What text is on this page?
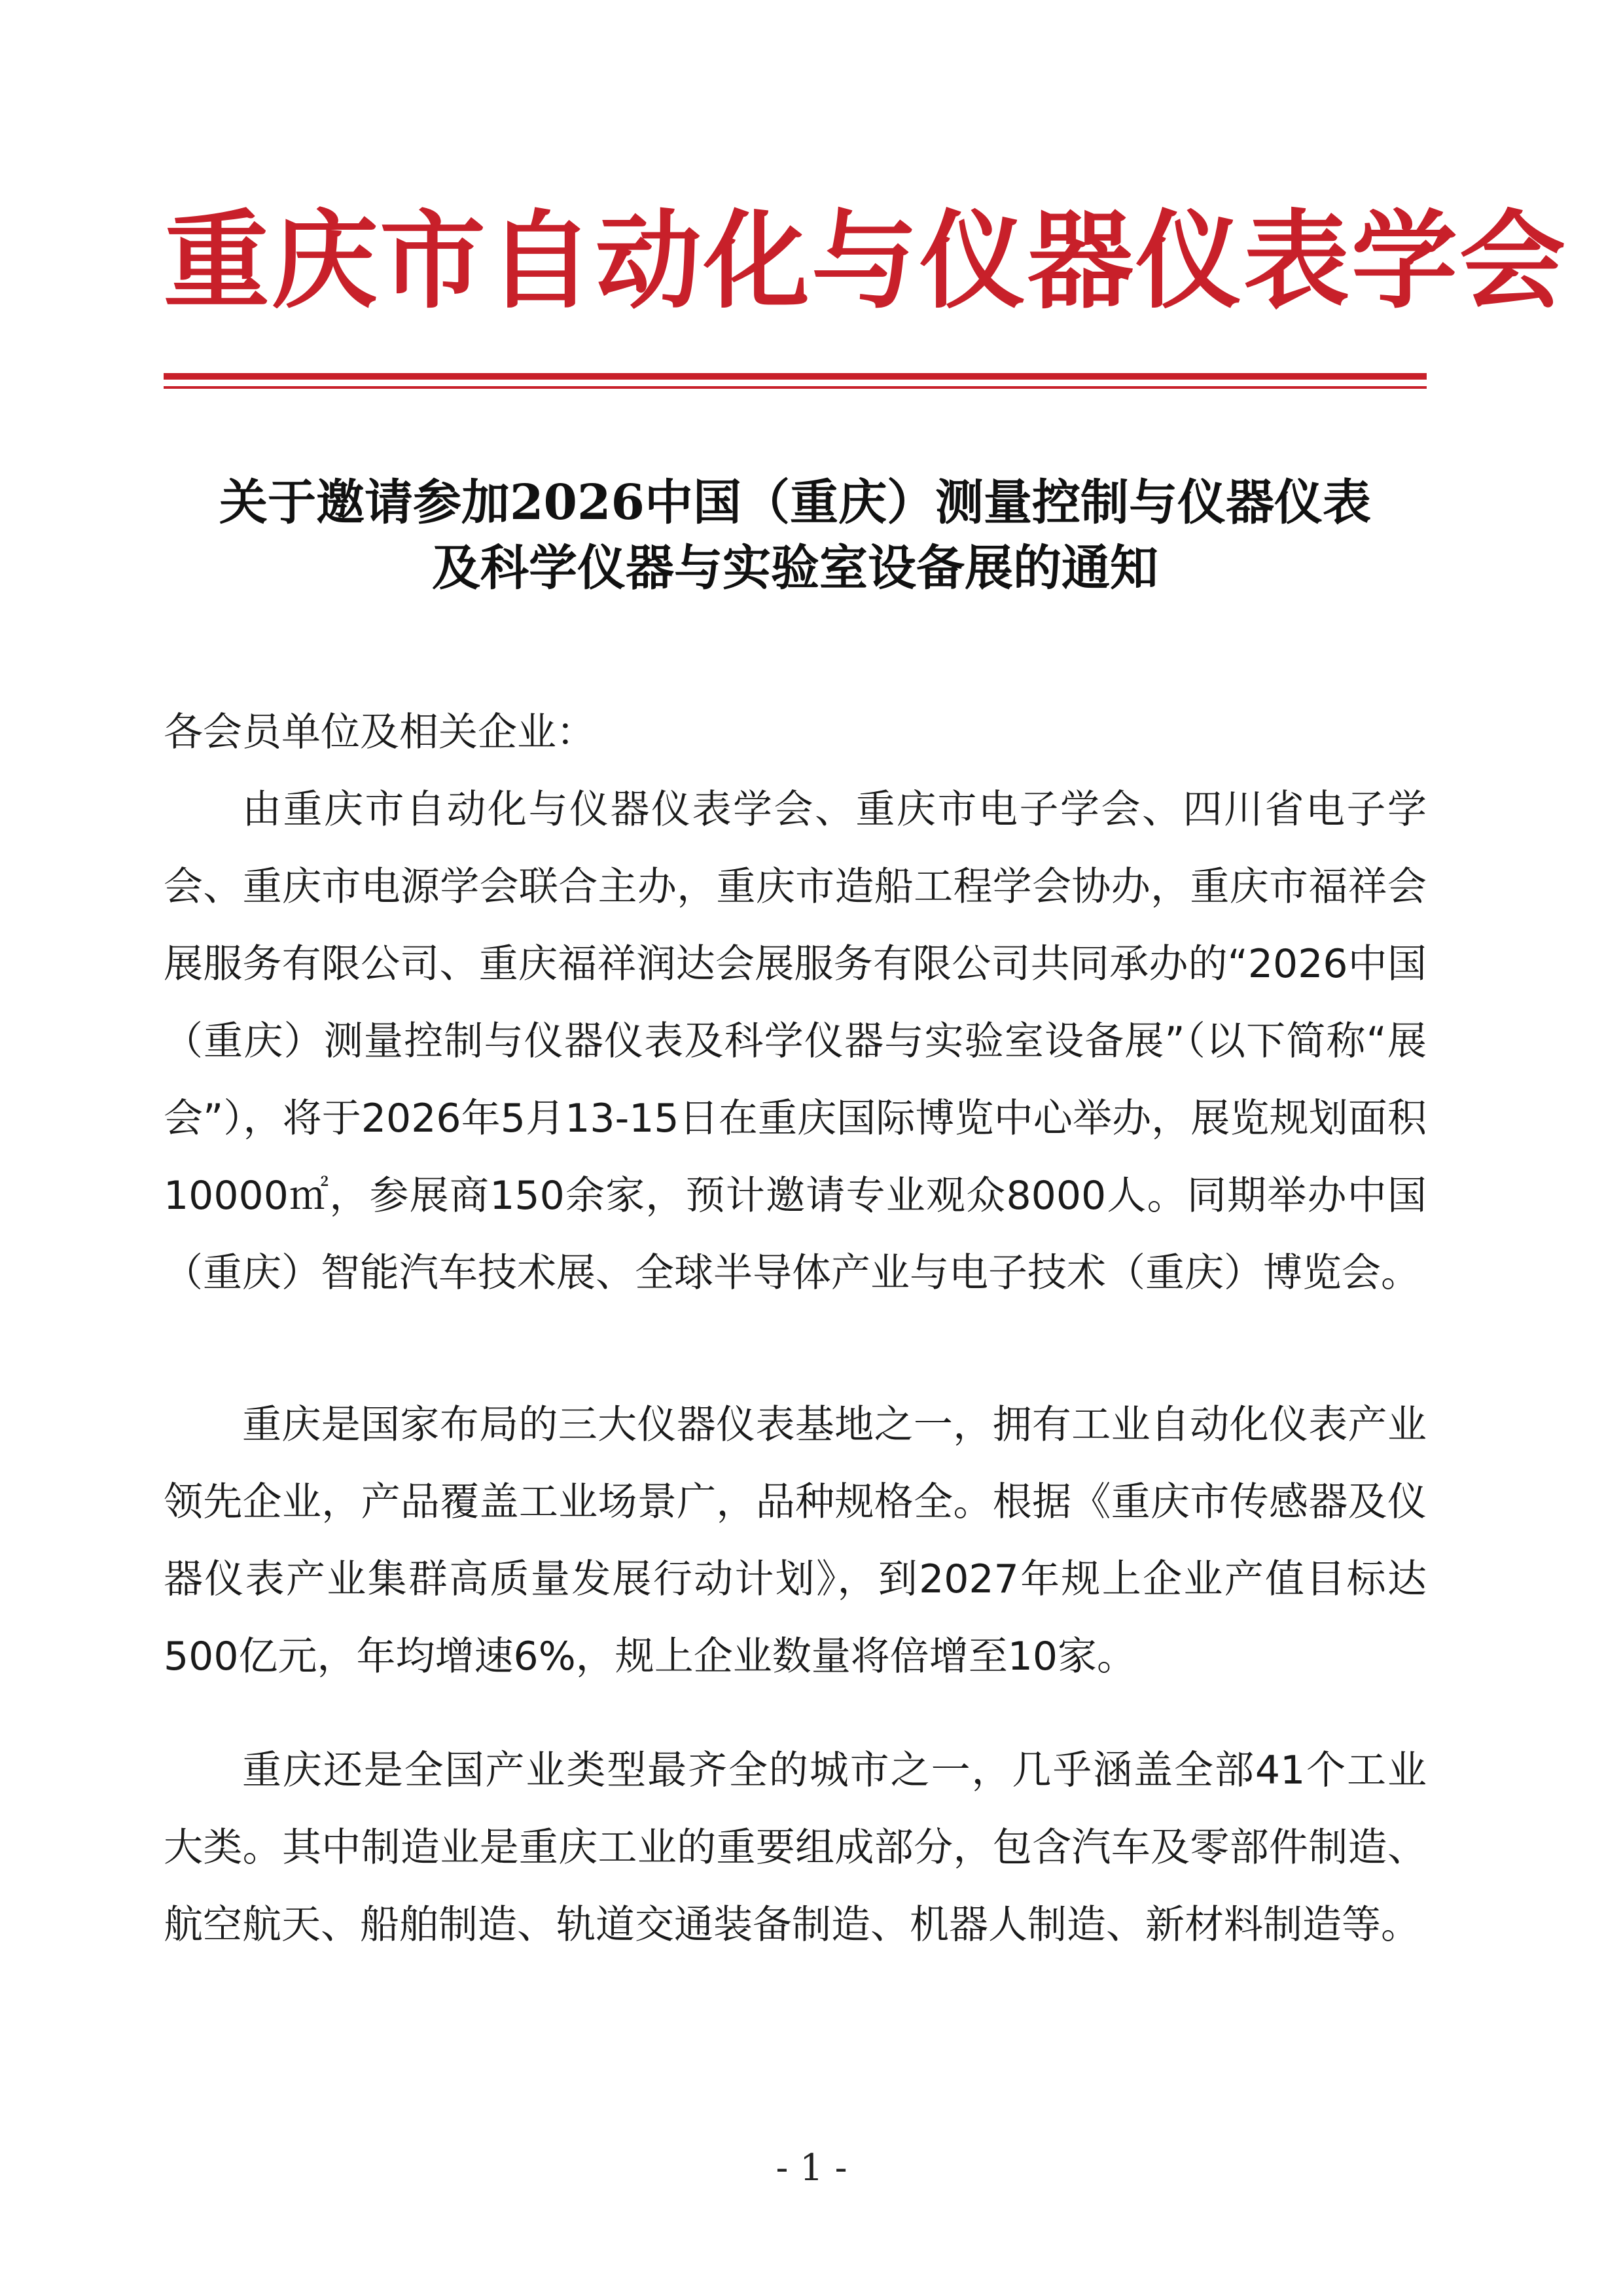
重庆市自动化与仪器仪表学会
关于邀请参加2026中国（重庆）测量控制与仪器仪表
及科学仪器与实验室设备展的通知
各会员单位及相关企业：
由重庆市自动化与仪器仪表学会、重庆市电子学会、四川省电子学会、重庆市电源学会联合主办，重庆市造船工程学会协办，重庆市福祥会展服务有限公司、重庆福祥润达会展服务有限公司共同承办的“2026中国（重庆）测量控制与仪器仪表及科学仪器与实验室设备展”（以下简称“展会”），将于2026年5月13-15日在重庆国际博览中心举办，展览规划面积10000㎡，参展商150余家，预计邀请专业观众8000人。同期举办中国（重庆）智能汽车技术展、全球半导体产业与电子技术（重庆）博览会。
重庆是国家布局的三大仪器仪表基地之一，拥有工业自动化仪表产业领先企业，产品覆盖工业场景广，品种规格全。根据《重庆市传感器及仪器仪表产业集群高质量发展行动计划》，到2027年规上企业产值目标达500亿元，年均增速6%，规上企业数量将倍增至10家。
重庆还是全国产业类型最齐全的城市之一，几乎涵盖全部41个工业大类。其中制造业是重庆工业的重要组成部分，包含汽车及零部件制造、航空航天、船舶制造、轨道交通装备制造、机器人制造、新材料制造等。
- 1 -
